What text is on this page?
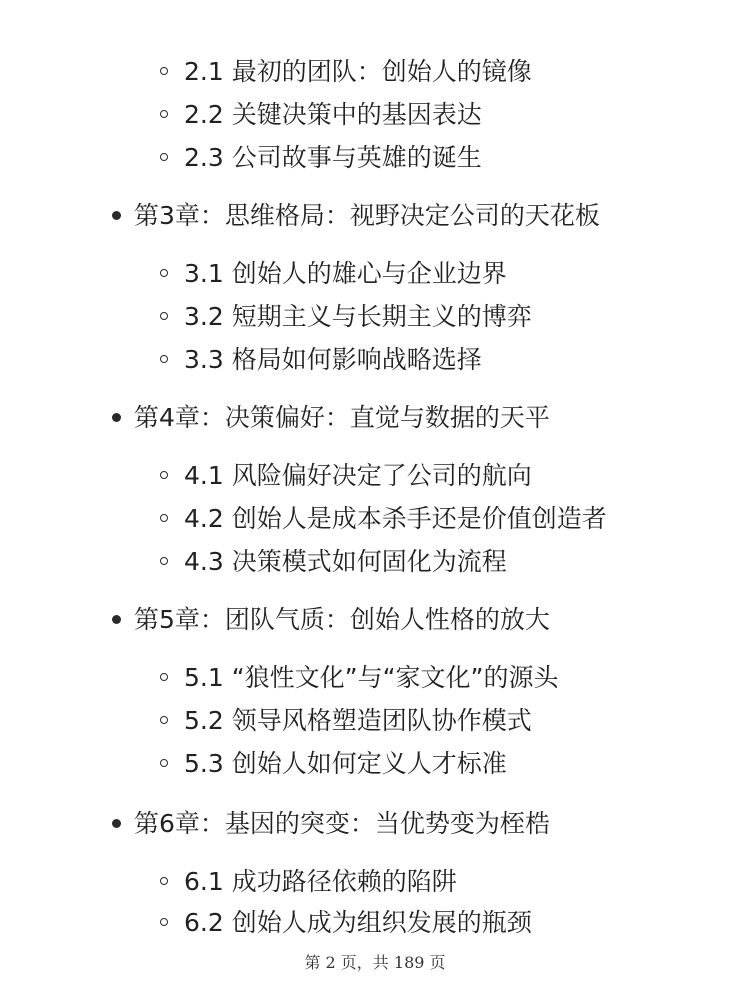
2.1 最初的团队：创始人的镜像
2.2 关键决策中的基因表达
2.3 公司故事与英雄的诞生
第3章：思维格局：视野决定公司的天花板
3.1 创始人的雄心与企业边界
3.2 短期主义与长期主义的博弈
3.3 格局如何影响战略选择
第4章：决策偏好：直觉与数据的天平
4.1 风险偏好决定了公司的航向
4.2 创始人是成本杀手还是价值创造者
4.3 决策模式如何固化为流程
第5章：团队气质：创始人性格的放大
5.1 “狼性文化”与“家文化”的源头
5.2 领导风格塑造团队协作模式
5.3 创始人如何定义人才标准
第6章：基因的突变：当优势变为桎梏
6.1 成功路径依赖的陷阱
6.2 创始人成为组织发展的瓶颈
第 2 页，共 189 页
